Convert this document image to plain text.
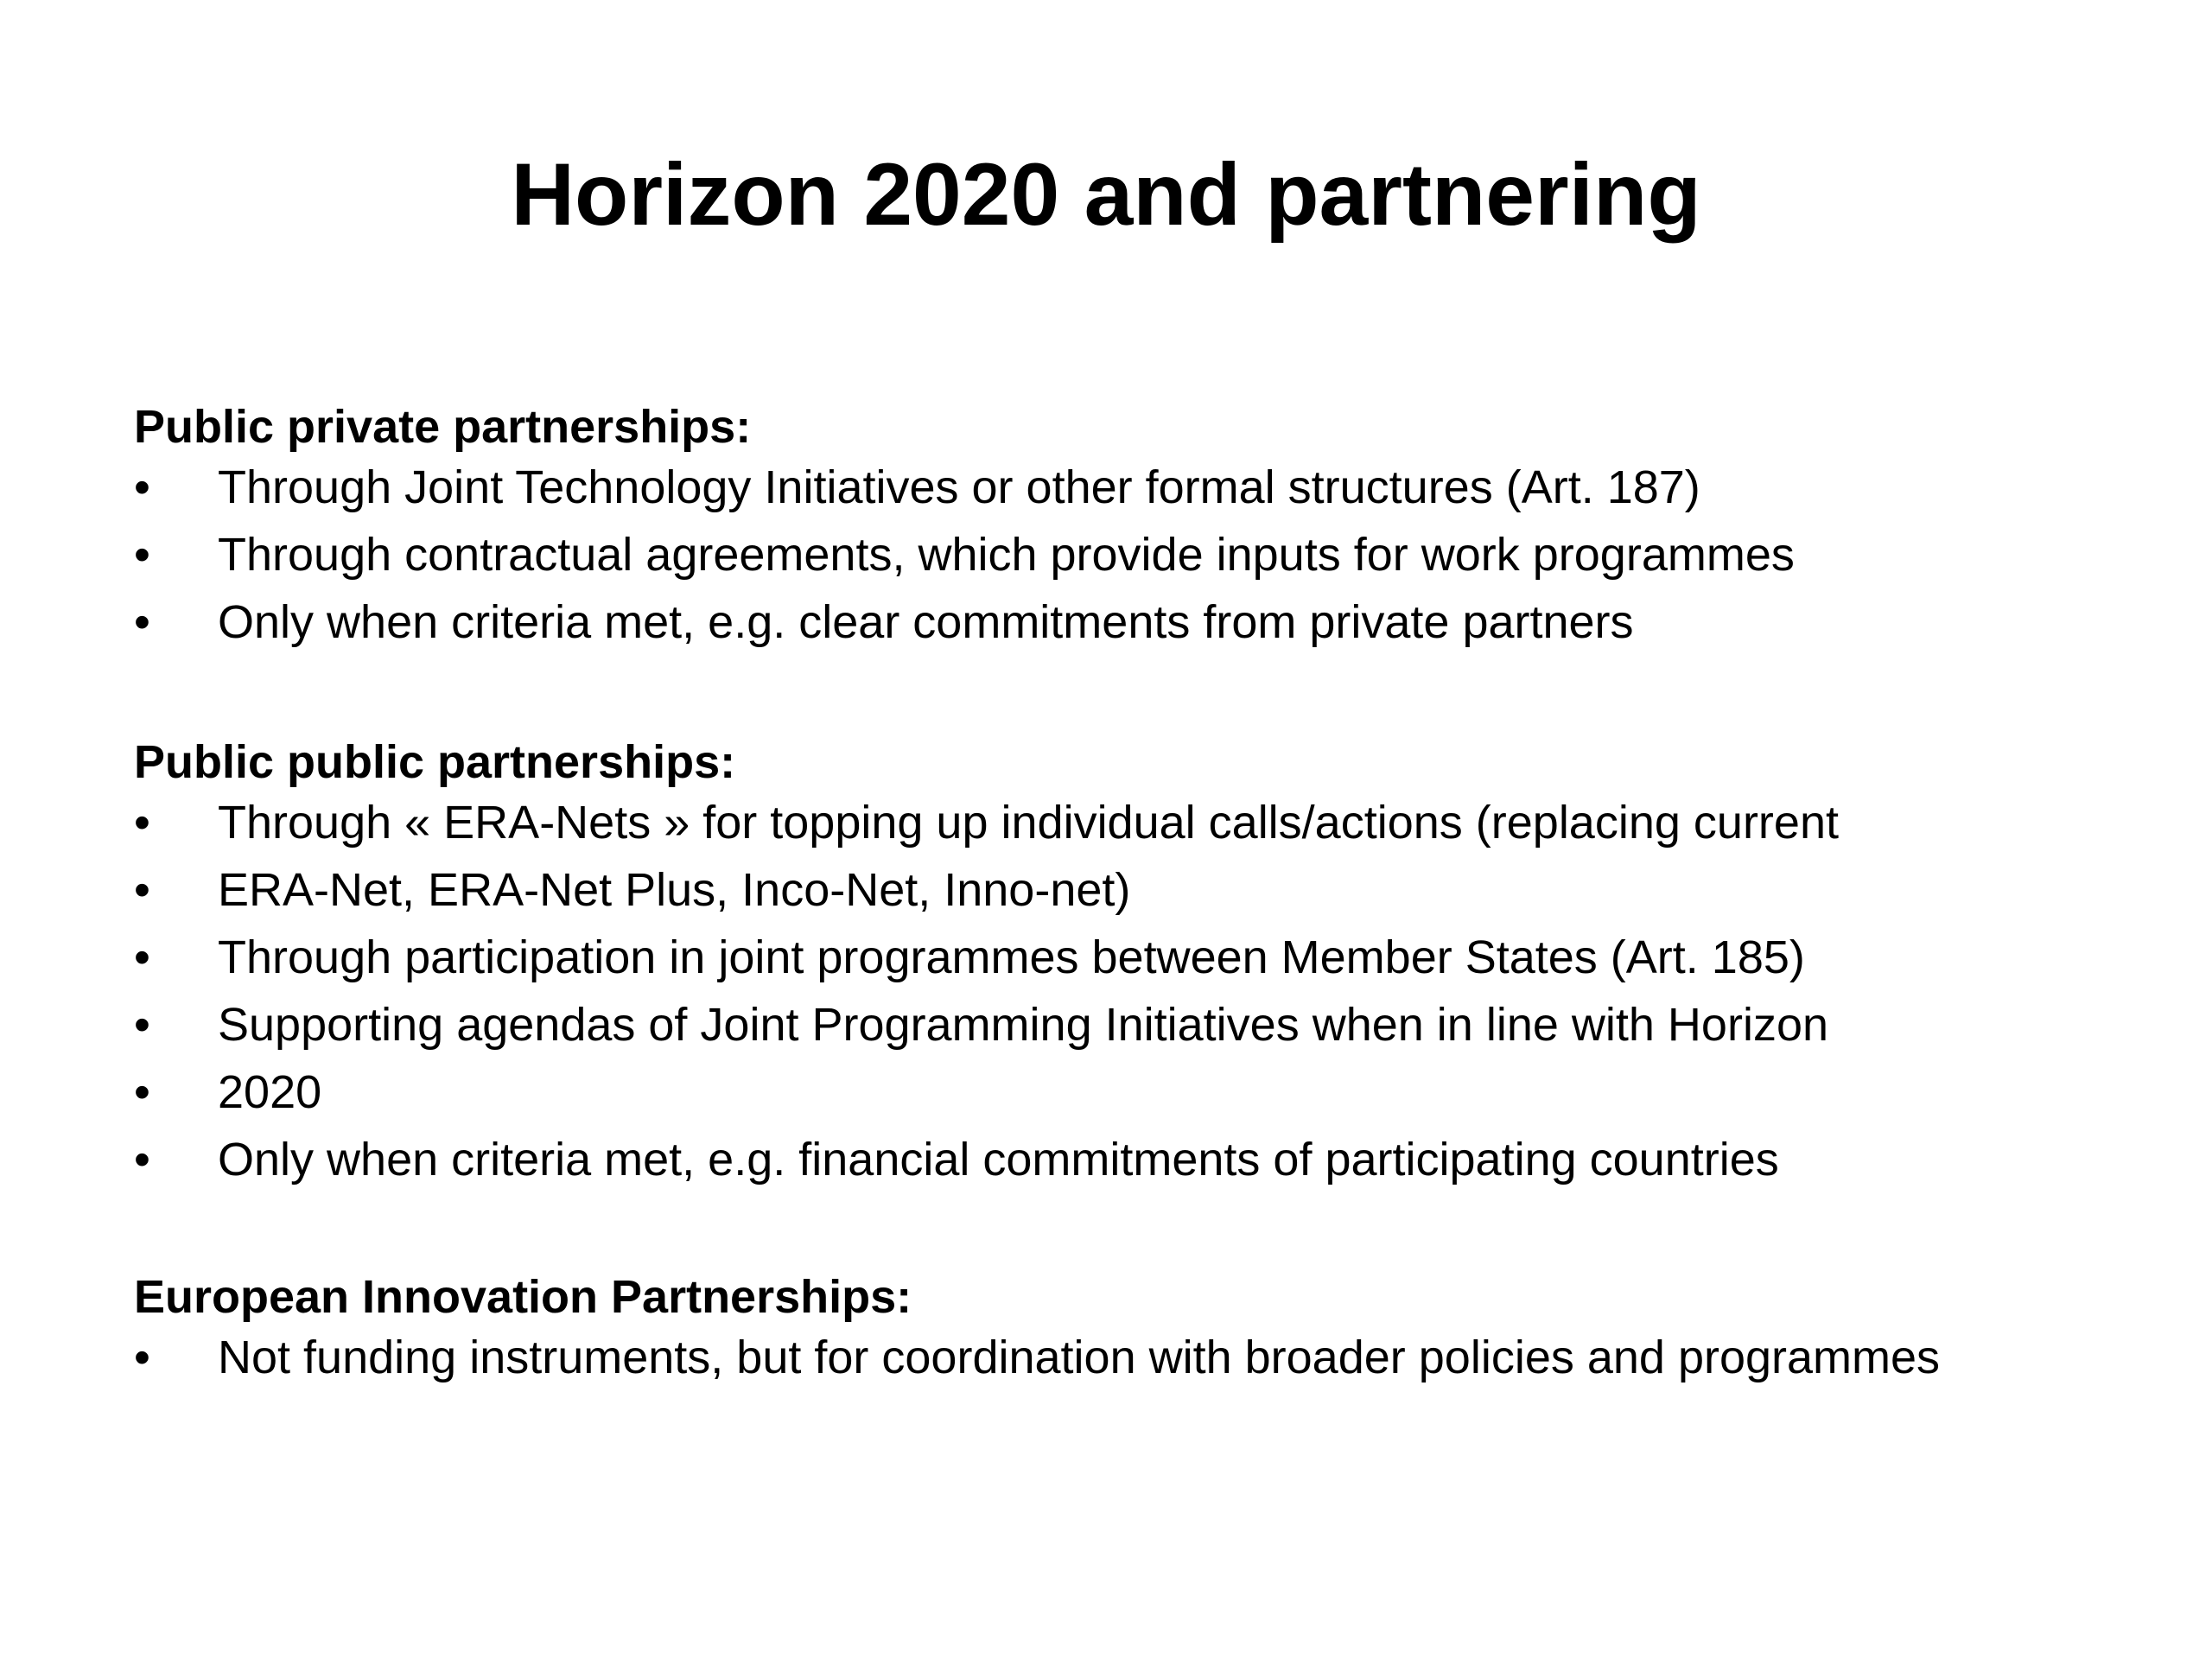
Horizon 2020 and partnering
Public private partnerships:
•	Through Joint Technology Initiatives or other formal structures (Art. 187)
•	Through contractual agreements, which provide inputs for work programmes
•	Only when criteria met, e.g. clear commitments from private partners
Public public partnerships:
•	Through « ERA-Nets » for topping up individual calls/actions (replacing current
•	ERA-Net, ERA-Net Plus, Inco-Net, Inno-net)
•	Through participation in joint programmes between Member States (Art. 185)
•	Supporting agendas of Joint Programming Initiatives when in line with Horizon
•	2020
•	Only when criteria met, e.g. financial commitments of participating countries
European Innovation Partnerships:
•	Not funding instruments, but for coordination with broader policies and programmes
